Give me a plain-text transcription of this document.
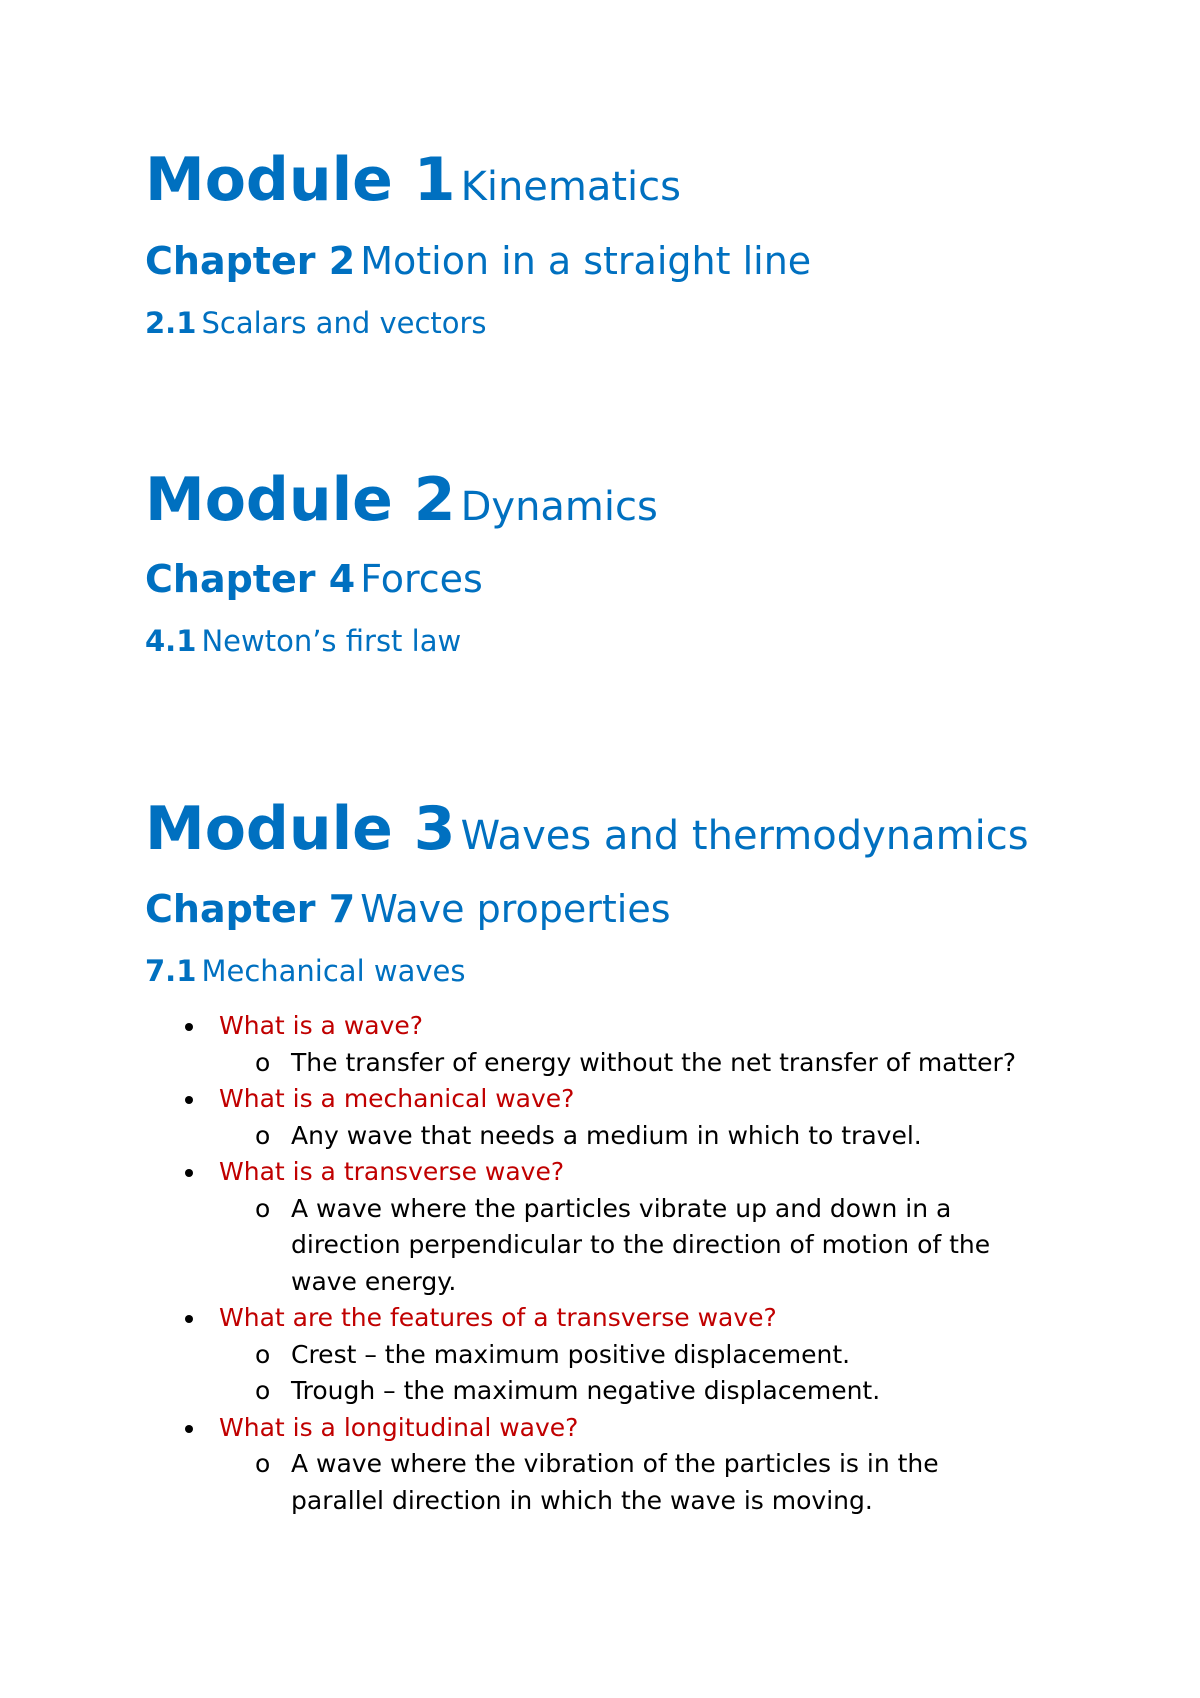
Module 1 Kinematics
Chapter 2 Motion in a straight line
2.1 Scalars and vectors
Module 2 Dynamics
Chapter 4 Forces
4.1 Newton’s first law
Module 3 Waves and thermodynamics
Chapter 7 Wave properties
7.1 Mechanical waves
What is a wave?
o The transfer of energy without the net transfer of matter?
What is a mechanical wave?
o Any wave that needs a medium in which to travel.
What is a transverse wave?
o A wave where the particles vibrate up and down in a direction perpendicular to the direction of motion of the wave energy.
What are the features of a transverse wave?
o Crest – the maximum positive displacement.
o Trough – the maximum negative displacement.
What is a longitudinal wave?
o A wave where the vibration of the particles is in the parallel direction in which the wave is moving.
